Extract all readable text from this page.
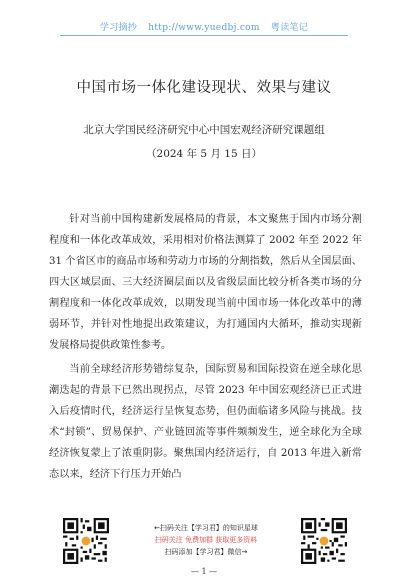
学习摘抄 http://www.yuedbj.com 粤读笔记
中国市场一体化建设现状、效果与建议
北京大学国民经济研究中心中国宏观经济研究课题组
（2024 年 5 月 15 日）

针对当前中国构建新发展格局的背景，本文聚焦于国内市场分割程度和一体化改革成效，采用相对价格法测算了 2002 年至 2022 年 31 个省区市的商品市场和劳动力市场的分割指数，然后从全国层面、四大区域层面、三大经济圈层面以及省级层面比较分析各类市场的分割程度和一体化改革成效，以期发现当前中国市场一体化改革中的薄弱环节，并针对性地提出政策建议，为打通国内大循环，推动实现新发展格局提供政策性参考。

当前全球经济形势错综复杂，国际贸易和国际投资在逆全球化思潮迭起的背景下已然出现拐点，尽管 2023 年中国宏观经济已正式进入后疫情时代，经济运行呈恢复态势，但仍面临诸多风险与挑战。技术“封锁”、贸易保护、产业链回流等事件频频发生，逆全球化为全球经济恢复蒙上了浓重阴影。聚焦国内经济运行，自 2013 年进入新常态以来，经济下行压力开始凸

←扫码关注【学习君】的知识星球
扫码关注 免费加群 获取更多资料
扫码添加【学习君】微信→
— 1 —
